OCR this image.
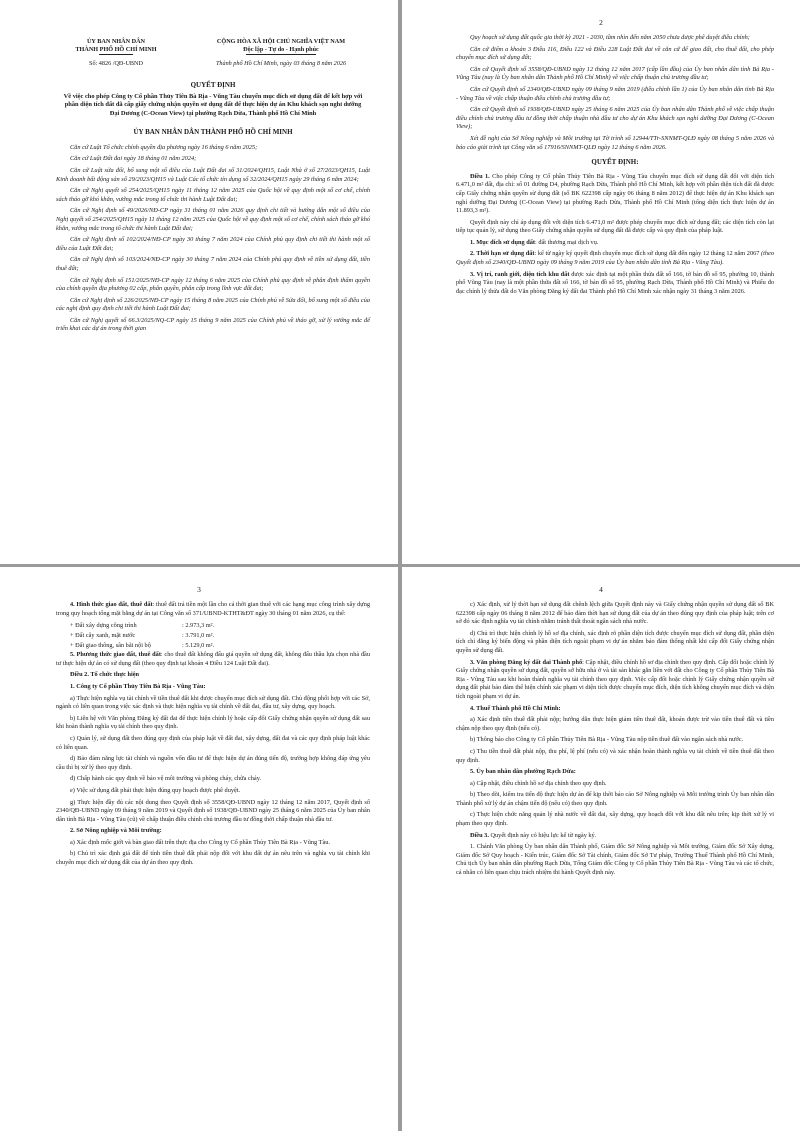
ỦY BAN NHÂN DÂN
THÀNH PHỐ HỒ CHÍ MINH
CỘNG HÒA XÃ HỘI CHỦ NGHĨA VIỆT NAM
Độc lập - Tự do - Hạnh phúc
Số: 4826 /QĐ-UBND	Thành phố Hồ Chí Minh, ngày 03 tháng 8 năm 2026
QUYẾT ĐỊNH
Về việc cho phép Công ty Cổ phần Thủy Tiên Bà Rịa - Vũng Tàu chuyển mục đích sử dụng đất để kết hợp với phần diện tích đất đã cấp giấy chứng nhận quyền sử dụng đất để thực hiện dự án Khu khách sạn nghỉ dưỡng Đại Dương (C-Ocean View) tại phường Rạch Dừa, Thành phố Hồ Chí Minh
ỦY BAN NHÂN DÂN THÀNH PHỐ HỒ CHÍ MINH

Căn cứ Luật Tổ chức chính quyền địa phương ngày 16 tháng 6 năm 2025;

Căn cứ Luật Đất đai ngày 18 tháng 01 năm 2024;

Căn cứ Luật sửa đổi, bổ sung một số điều của Luật Đất đai số 31/2024/QH15, Luật Nhà ở số 27/2023/QH15, Luật Kinh doanh bất động sản số 29/2023/QH15 và Luật Các tổ chức tín dụng số 32/2024/QH15 ngày 29 tháng 6 năm 2024;

Căn cứ Nghị quyết số 254/2025/QH15 ngày 11 tháng 12 năm 2025 của Quốc hội về quy định một số cơ chế, chính sách tháo gỡ khó khăn, vướng mắc trong tổ chức thi hành Luật Đất đai;

Căn cứ Nghị định số 49/2026/NĐ-CP ngày 31 tháng 01 năm 2026 quy định chi tiết và hướng dẫn một số điều của Nghị quyết số 254/2025/QH15 ngày 11 tháng 12 năm 2025 của Quốc hội về quy định một số cơ chế, chính sách tháo gỡ khó khăn, vướng mắc trong tổ chức thi hành Luật Đất đai;

Căn cứ Nghị định số 102/2024/NĐ-CP ngày 30 tháng 7 năm 2024 của Chính phủ quy định chi tiết thi hành một số điều của Luật Đất đai;

Căn cứ Nghị định số 103/2024/NĐ-CP ngày 30 tháng 7 năm 2024 của Chính phủ quy định về tiền sử dụng đất, tiền thuê đất;

Căn cứ Nghị định số 151/2025/NĐ-CP ngày 12 tháng 6 năm 2025 của Chính phủ quy định về phân định thẩm quyền của chính quyền địa phương 02 cấp, phân quyền, phân cấp trong lĩnh vực đất đai;

Căn cứ Nghị định số 226/2025/NĐ-CP ngày 15 tháng 8 năm 2025 của Chính phủ về Sửa đổi, bổ sung một số điều của các nghị định quy định chi tiết thi hành Luật Đất đai;

Căn cứ Nghị quyết số 66.3/2025/NQ-CP ngày 15 tháng 9 năm 2025 của Chính phủ về tháo gỡ, xử lý vướng mắc để triển khai các dự án trong thời gian

2

Quy hoạch sử dụng đất quốc gia thời kỳ 2021 - 2030, tầm nhìn đến năm 2050 chưa được phê duyệt điều chỉnh;

Căn cứ điểm a khoản 3 Điều 116, Điều 122 và Điều 228 Luật Đất đai về căn cứ để giao đất, cho thuê đất, cho phép chuyển mục đích sử dụng đất;

Căn cứ Quyết định số 3558/QĐ-UBND ngày 12 tháng 12 năm 2017 (cấp lần đầu) của Ủy ban nhân dân tỉnh Bà Rịa - Vũng Tàu (nay là Ủy ban nhân dân Thành phố Hồ Chí Minh) về việc chấp thuận chủ trương đầu tư;

Căn cứ Quyết định số 2340/QĐ-UBND ngày 09 tháng 9 năm 2019 (điều chỉnh lần 1) của Ủy ban nhân dân tỉnh Bà Rịa - Vũng Tàu về việc chấp thuận điều chỉnh chủ trương đầu tư;

Căn cứ Quyết định số 1938/QĐ-UBND ngày 25 tháng 6 năm 2025 của Ủy ban nhân dân Thành phố về việc chấp thuận điều chỉnh chủ trương đầu tư đồng thời chấp thuận nhà đầu tư cho dự án Khu khách sạn nghỉ dưỡng Đại Dương (C-Ocean View);

Xét đề nghị của Sở Nông nghiệp và Môi trường tại Tờ trình số 12944/TTr-SNNMT-QLĐ ngày 08 tháng 5 năm 2026 và báo cáo giải trình tại Công văn số 17916/SNNMT-QLĐ ngày 12 tháng 6 năm 2026.

QUYẾT ĐỊNH:

Điều 1. Cho phép Công ty Cổ phần Thủy Tiên Bà Rịa - Vũng Tàu chuyển mục đích sử dụng đất đối với diện tích 6.471,0 m² đất, địa chỉ: số 01 đường D4, phường Rạch Dừa, Thành phố Hồ Chí Minh, kết hợp với phần diện tích đất đã được cấp Giấy chứng nhận quyền sử dụng đất (số BK 622398 cấp ngày 06 tháng 8 năm 2012) để thực hiện dự án Khu khách sạn nghỉ dưỡng Đại Dương (C-Ocean View) tại phường Rạch Dừa, Thành phố Hồ Chí Minh (tổng diện tích thực hiện dự án 11.893,3 m²).

Quyết định này chỉ áp dụng đối với diện tích 6.471,0 m² được phép chuyển mục đích sử dụng đất; các diện tích còn lại tiếp tục quản lý, sử dụng theo Giấy chứng nhận quyền sử dụng đất đã được cấp và quy định của pháp luật.

1. Mục đích sử dụng đất: đất thương mại dịch vụ.

2. Thời hạn sử dụng đất: kể từ ngày ký quyết định chuyển mục đích sử dụng đất đến ngày 12 tháng 12 năm 2067 (theo Quyết định số 2340/QĐ-UBND ngày 09 tháng 9 năm 2019 của Ủy ban nhân dân tỉnh Bà Rịa - Vũng Tàu).

3. Vị trí, ranh giới, diện tích khu đất được xác định tại một phần thửa đất số 166, tờ bản đồ số 95, phường 10, thành phố Vũng Tàu (nay là một phần thửa đất số 166, tờ bản đồ số 95, phường Rạch Dừa, Thành phố Hồ Chí Minh) và Phiếu đo đạc chỉnh lý thửa đất do Văn phòng Đăng ký đất đai Thành phố Hồ Chí Minh xác nhận ngày 31 tháng 3 năm 2026.

3

4. Hình thức giao đất, thuê đất: thuê đất trả tiền một lần cho cả thời gian thuê với các hạng mục công trình xây dựng trong quy hoạch tổng mặt bằng dự án tại Công văn số 371/UBND-KTHT&ĐT ngày 30 tháng 01 năm 2026, cụ thể:

+ Đất xây dựng công trình	: 2.973,3 m².
+ Đất cây xanh, mặt nước	: 3.791,0 m².
+ Đất giao thông, sân bãi nội bộ	: 5.129,0 m².

5. Phương thức giao đất, thuê đất: cho thuê đất không đấu giá quyền sử dụng đất, không đấu thầu lựa chọn nhà đầu tư thực hiện dự án có sử dụng đất (theo quy định tại khoản 4 Điều 124 Luật Đất đai).

Điều 2. Tổ chức thực hiện

1. Công ty Cổ phần Thủy Tiên Bà Rịa - Vũng Tàu:

a) Thực hiện nghĩa vụ tài chính về tiền thuê đất khi được chuyển mục đích sử dụng đất. Chủ động phối hợp với các Sở, ngành có liên quan trong việc xác định và thực hiện nghĩa vụ tài chính về đất đai, đầu tư, xây dựng, quy hoạch.

b) Liên hệ với Văn phòng Đăng ký đất đai để thực hiện chỉnh lý hoặc cấp đổi Giấy chứng nhận quyền sử dụng đất sau khi hoàn thành nghĩa vụ tài chính theo quy định.

c) Quản lý, sử dụng đất theo đúng quy định của pháp luật về đất đai, xây dựng, đất đai và các quy định pháp luật khác có liên quan.

d) Bảo đảm năng lực tài chính và nguồn vốn đầu tư để thực hiện dự án đúng tiến độ, trường hợp không đáp ứng yêu cầu thì bị xử lý theo quy định.

đ) Chấp hành các quy định về bảo vệ môi trường và phòng cháy, chữa cháy.

e) Việc sử dụng đất phải thực hiện đúng quy hoạch được phê duyệt.

g) Thực hiện đầy đủ các nội dung theo Quyết định số 3558/QĐ-UBND ngày 12 tháng 12 năm 2017, Quyết định số 2340/QĐ-UBND ngày 09 tháng 9 năm 2019 và Quyết định số 1938/QĐ-UBND ngày 25 tháng 6 năm 2025 của Ủy ban nhân dân tỉnh Bà Rịa - Vũng Tàu (cũ) về chấp thuận điều chỉnh chủ trương đầu tư đồng thời chấp thuận nhà đầu tư.

2. Sở Nông nghiệp và Môi trường:

a) Xác định mốc giới và bàn giao đất trên thực địa cho Công ty Cổ phần Thủy Tiên Bà Rịa - Vũng Tàu.

b) Chủ trì xác định giá đất để tính tiền thuê đất phải nộp đối với khu đất dự án nêu trên và nghĩa vụ tài chính khi chuyển mục đích sử dụng đất của dự án theo quy định.

4

c) Xác định, xử lý thời hạn sử dụng đất chênh lệch giữa Quyết định này và Giấy chứng nhận quyền sử dụng đất số BK 622398 cấp ngày 06 tháng 8 năm 2012 để bảo đảm thời hạn sử dụng đất của dự án theo đúng quy định của pháp luật; trên cơ sở đó xác định nghĩa vụ tài chính nhằm tránh thất thoát ngân sách nhà nước.

d) Chủ trì thực hiện chỉnh lý hồ sơ địa chính, xác định rõ phần diện tích được chuyển mục đích sử dụng đất, phần diện tích chỉ đăng ký biến động và phần diện tích ngoài phạm vi dự án nhằm bảo đảm thống nhất khi cấp đổi Giấy chứng nhận quyền sử dụng đất.

3. Văn phòng Đăng ký đất đai Thành phố: Cập nhật, điều chỉnh hồ sơ địa chính theo quy định. Cấp đổi hoặc chỉnh lý Giấy chứng nhận quyền sử dụng đất, quyền sở hữu nhà ở và tài sản khác gắn liền với đất cho Công ty Cổ phần Thủy Tiên Bà Rịa - Vũng Tàu sau khi hoàn thành nghĩa vụ tài chính theo quy định. Việc cấp đổi hoặc chỉnh lý Giấy chứng nhận quyền sử dụng đất phải bảo đảm thể hiện chính xác phạm vi diện tích được chuyển mục đích, diện tích không chuyển mục đích và diện tích ngoài phạm vi dự án.

4. Thuế Thành phố Hồ Chí Minh:

a) Xác định tiền thuê đất phải nộp; hướng dẫn thực hiện giảm tiền thuê đất, khoản được trừ vào tiền thuê đất và tiền chậm nộp theo quy định (nếu có).

b) Thông báo cho Công ty Cổ phần Thủy Tiên Bà Rịa - Vũng Tàu nộp tiền thuê đất vào ngân sách nhà nước.

c) Thu tiền thuê đất phải nộp, thu phí, lệ phí (nếu có) và xác nhận hoàn thành nghĩa vụ tài chính về tiền thuê đất theo quy định.

5. Ủy ban nhân dân phường Rạch Dừa:

a) Cập nhật, điều chỉnh hồ sơ địa chính theo quy định.

b) Theo dõi, kiểm tra tiến độ thực hiện dự án để kịp thời báo cáo Sở Nông nghiệp và Môi trường trình Ủy ban nhân dân Thành phố xử lý dự án chậm tiến độ (nếu có) theo quy định.

c) Thực hiện chức năng quản lý nhà nước về đất đai, xây dựng, quy hoạch đối với khu đất nêu trên; kịp thời xử lý vi phạm theo quy định.

Điều 3. Quyết định này có hiệu lực kể từ ngày ký.

1. Chánh Văn phòng Ủy ban nhân dân Thành phố, Giám đốc Sở Nông nghiệp và Môi trường, Giám đốc Sở Xây dựng, Giám đốc Sở Quy hoạch - Kiến trúc, Giám đốc Sở Tài chính, Giám đốc Sở Tư pháp, Trưởng Thuế Thành phố Hồ Chí Minh, Chủ tịch Ủy ban nhân dân phường Rạch Dừa, Tổng Giám đốc Công ty Cổ phần Thủy Tiên Bà Rịa - Vũng Tàu và các tổ chức, cá nhân có liên quan chịu trách nhiệm thi hành Quyết định này.
